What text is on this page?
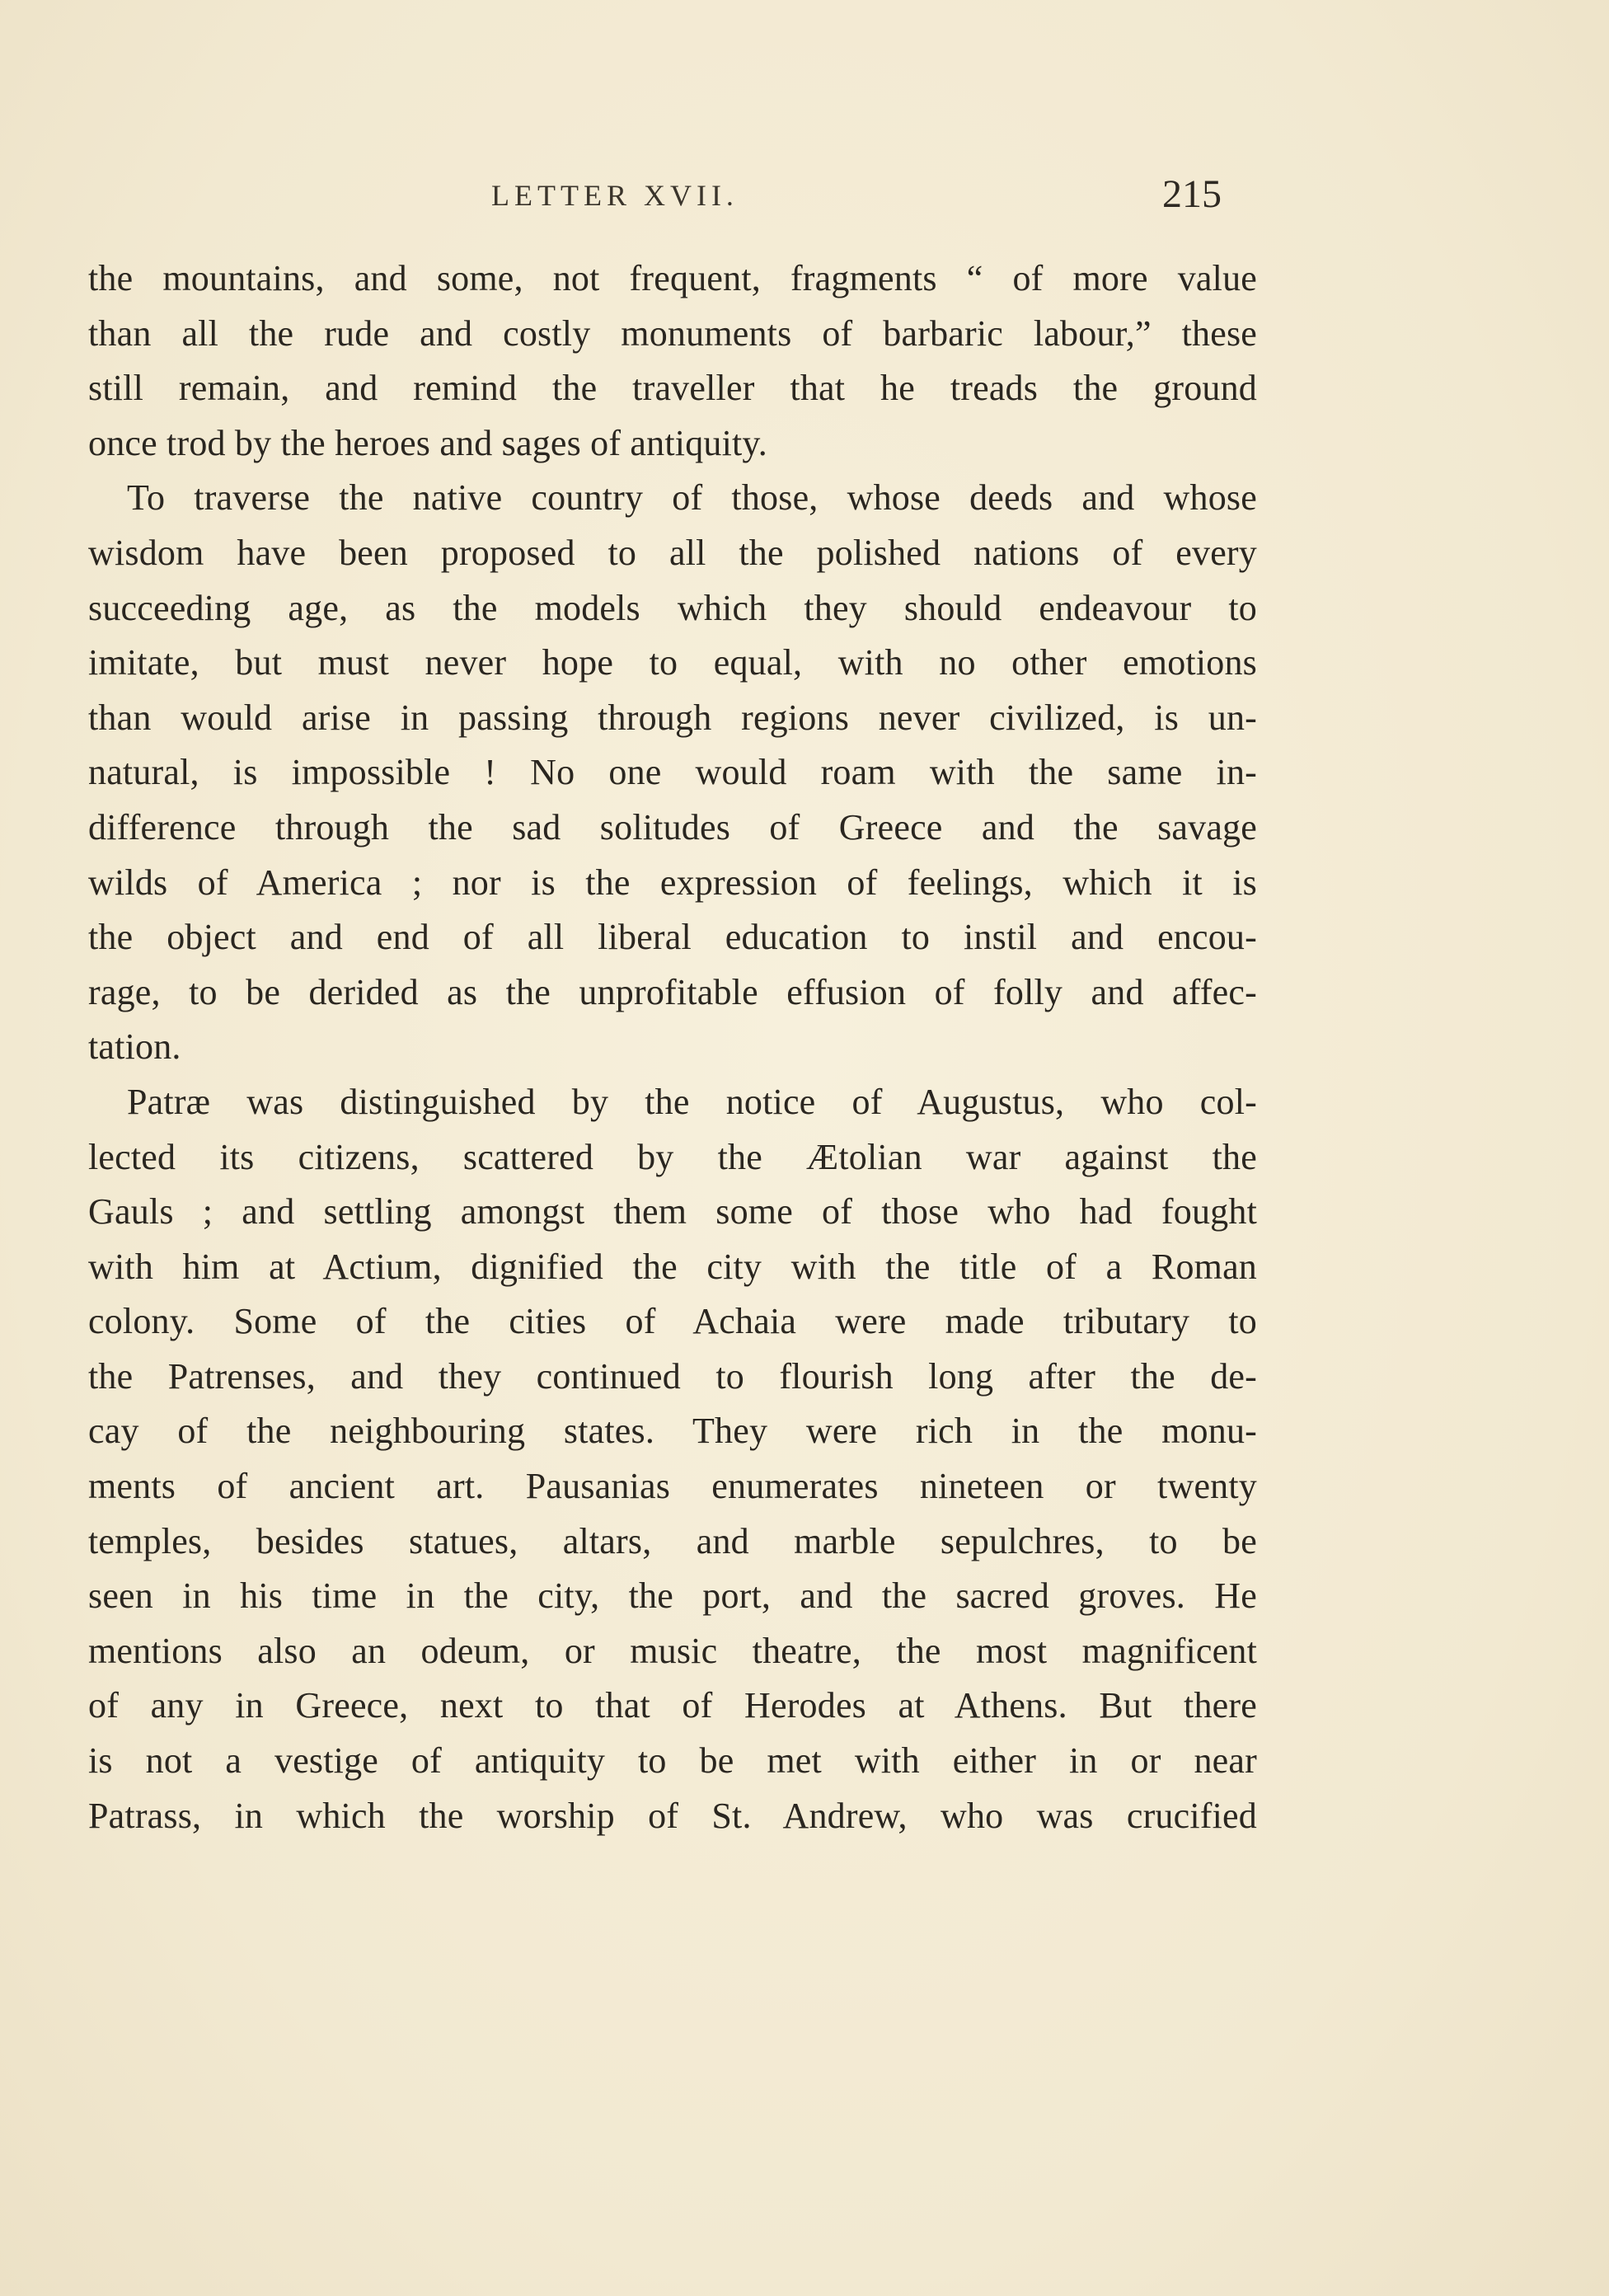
LETTER XVII.	215
the mountains, and some, not frequent, fragments “ of more value
than all the rude and costly monuments of barbaric labour,” these
still remain, and remind the traveller that he treads the ground
once trod by the heroes and sages of antiquity.
To traverse the native country of those, whose deeds and whose
wisdom have been proposed to all the polished nations of every
succeeding age, as the models which they should endeavour to
imitate, but must never hope to equal, with no other emotions
than would arise in passing through regions never civilized, is un-
natural, is impossible ! No one would roam with the same in-
difference through the sad solitudes of Greece and the savage
wilds of America ; nor is the expression of feelings, which it is
the object and end of all liberal education to instil and encou-
rage, to be derided as the unprofitable effusion of folly and affec-
tation.
Patræ was distinguished by the notice of Augustus, who col-
lected its citizens, scattered by the Ætolian war against the
Gauls ; and settling amongst them some of those who had fought
with him at Actium, dignified the city with the title of a Roman
colony. Some of the cities of Achaia were made tributary to
the Patrenses, and they continued to flourish long after the de-
cay of the neighbouring states. They were rich in the monu-
ments of ancient art. Pausanias enumerates nineteen or twenty
temples, besides statues, altars, and marble sepulchres, to be
seen in his time in the city, the port, and the sacred groves. He
mentions also an odeum, or music theatre, the most magnificent
of any in Greece, next to that of Herodes at Athens. But there
is not a vestige of antiquity to be met with either in or near
Patrass, in which the worship of St. Andrew, who was crucified
